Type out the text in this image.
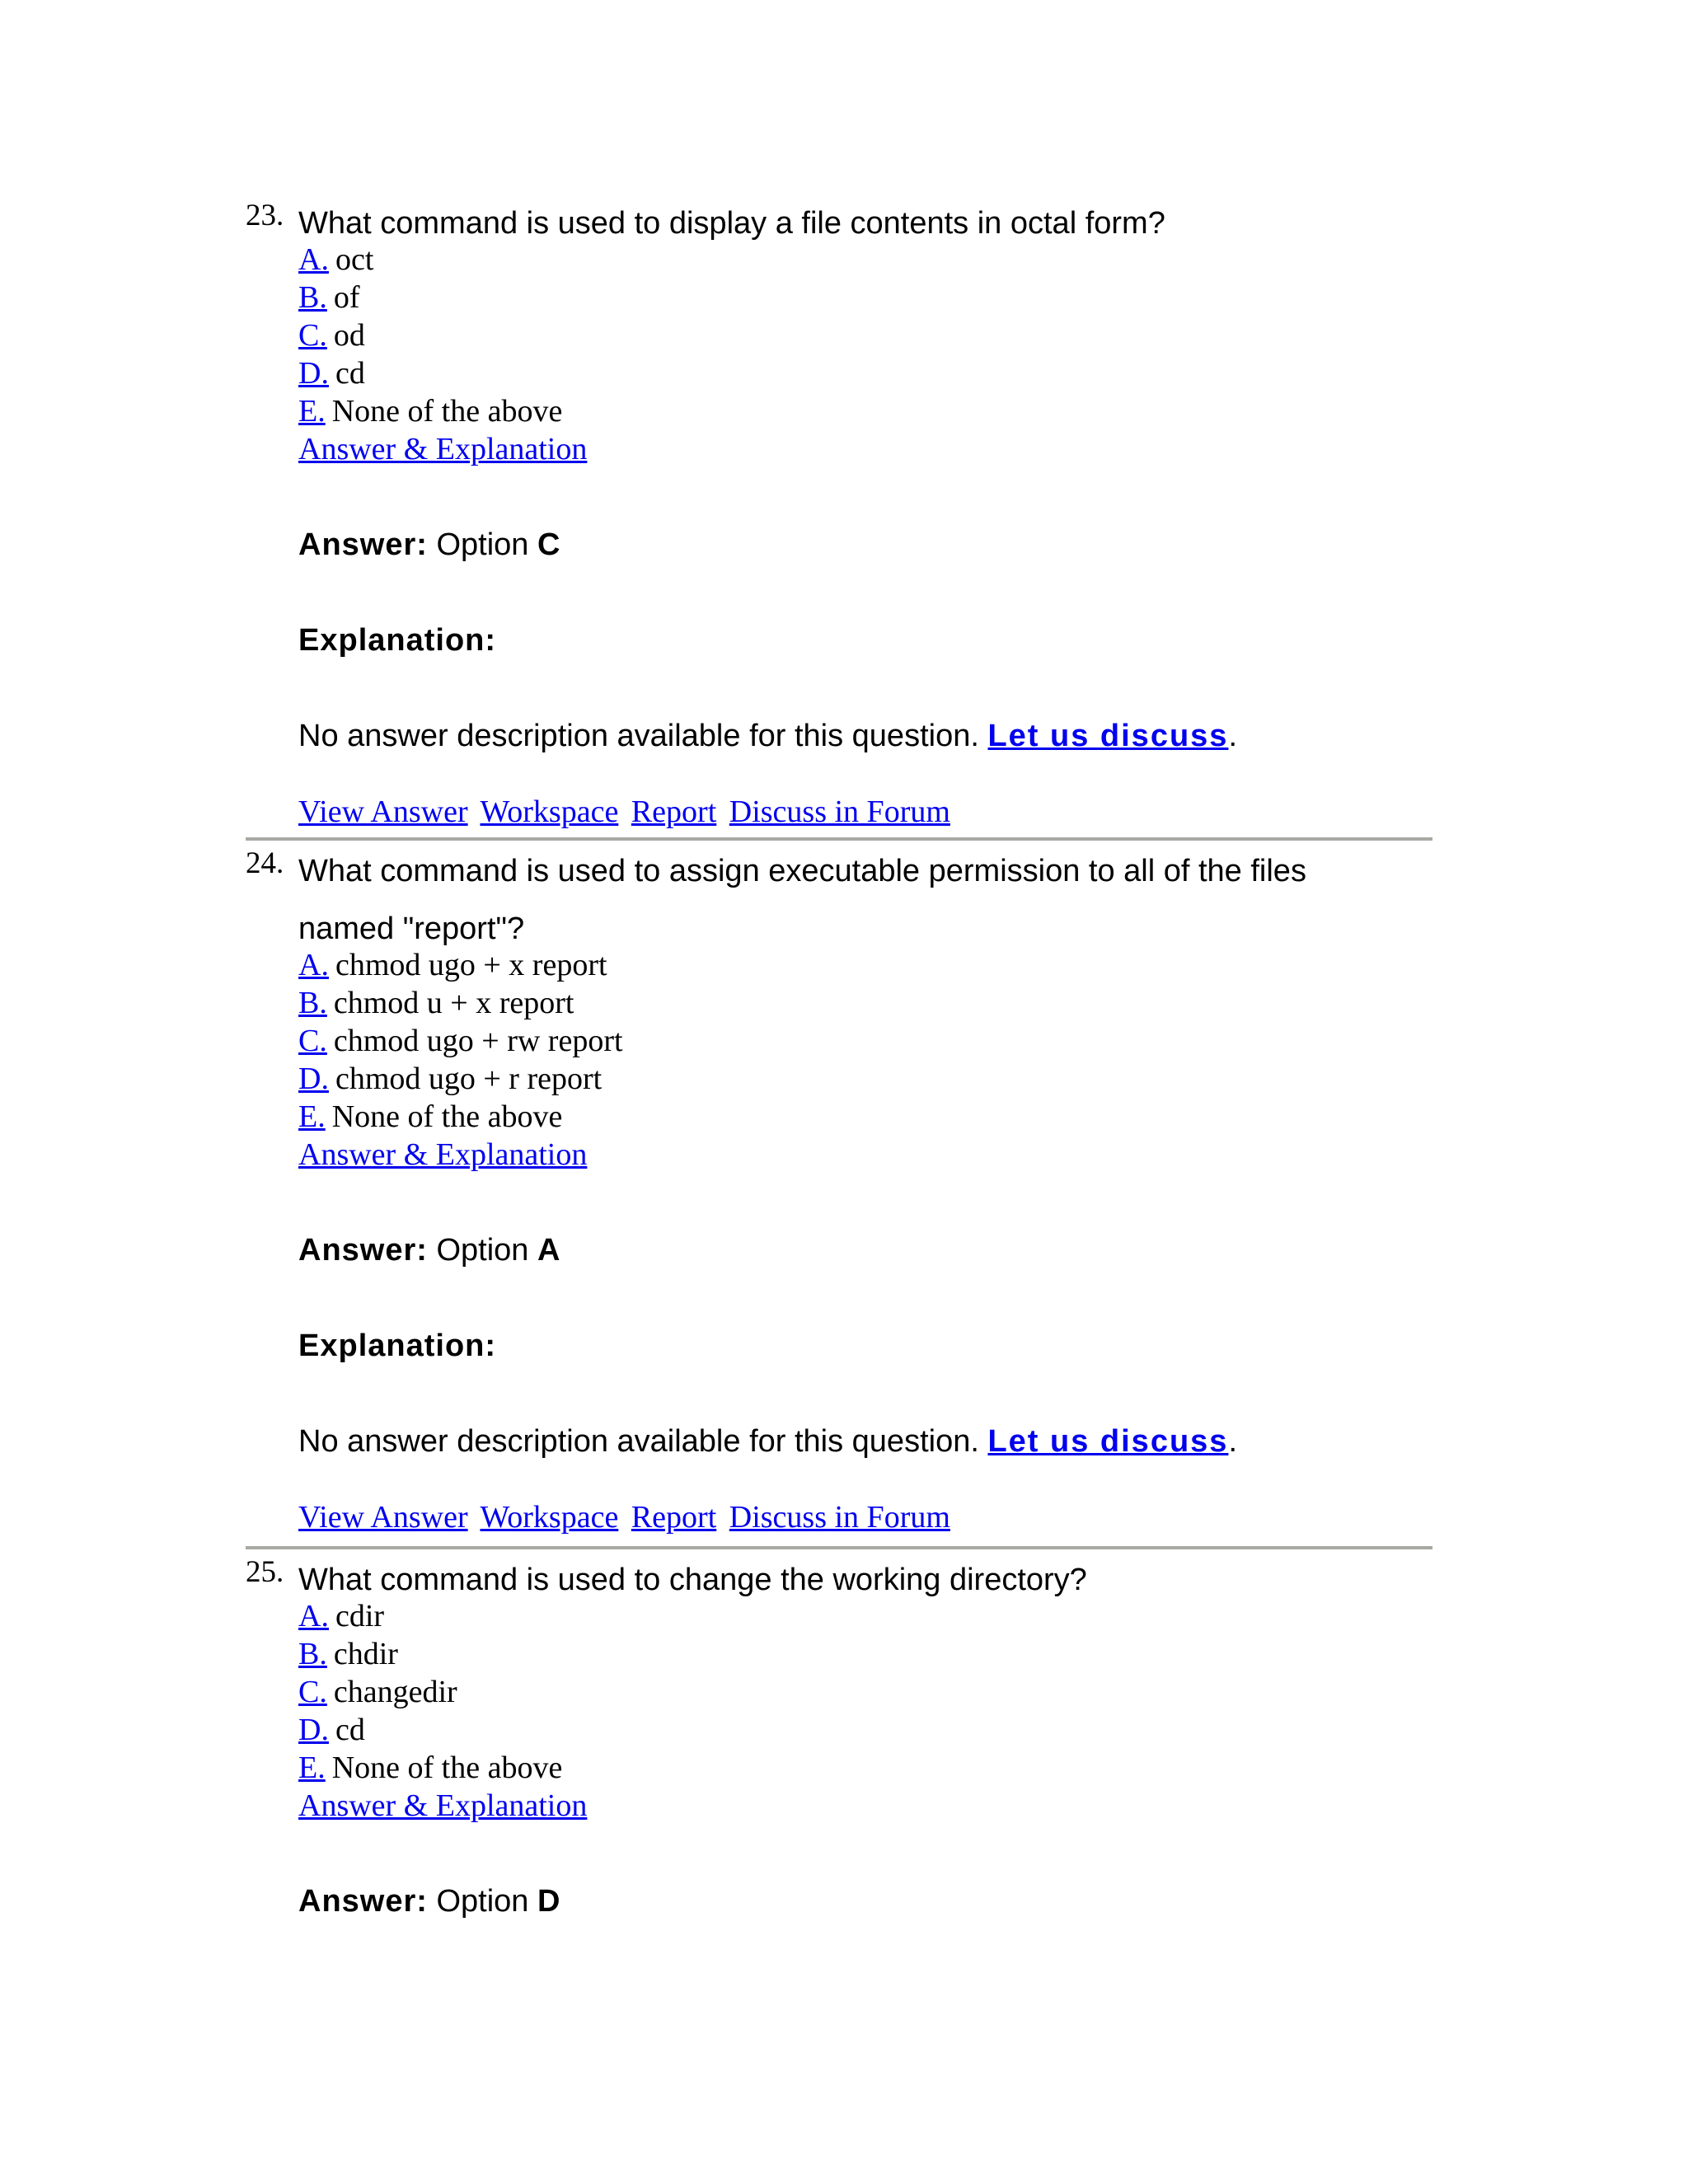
23. What command is used to display a file contents in octal form?
A. oct
B. of
C. od
D. cd
E. None of the above
Answer & Explanation
Answer: Option C
Explanation:
No answer description available for this question. Let us discuss.
View Answer Workspace Report Discuss in Forum
24. What command is used to assign executable permission to all of the files
named "report"?
A. chmod ugo + x report
B. chmod u + x report
C. chmod ugo + rw report
D. chmod ugo + r report
E. None of the above
Answer & Explanation
Answer: Option A
Explanation:
No answer description available for this question. Let us discuss.
View Answer Workspace Report Discuss in Forum
25. What command is used to change the working directory?
A. cdir
B. chdir
C. changedir
D. cd
E. None of the above
Answer & Explanation
Answer: Option D
